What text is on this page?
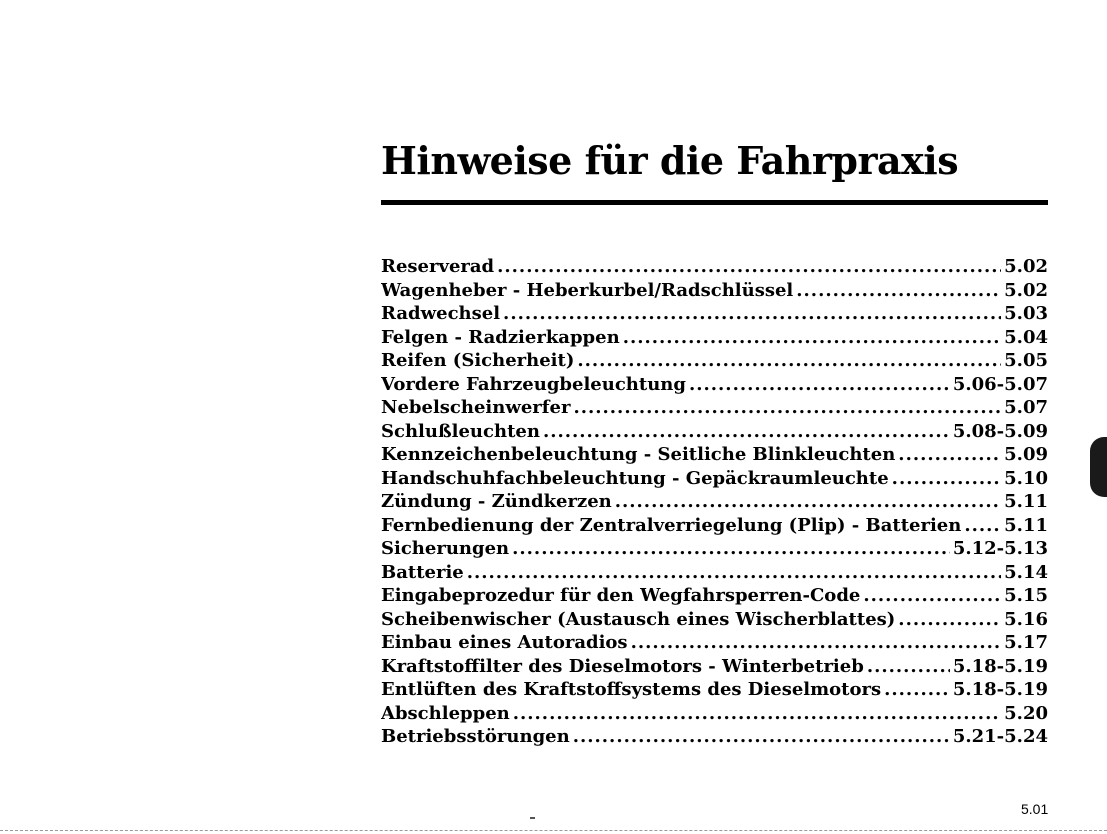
Hinweise für die Fahrpraxis
Reserverad .....	5.02
Wagenheber - Heberkurbel/Radschlüssel .....	5.02
Radwechsel .....	5.03
Felgen - Radzierkappen .....	5.04
Reifen (Sicherheit) .....	5.05
Vordere Fahrzeugbeleuchtung .....	5.06-5.07
Nebelscheinwerfer .....	5.07
Schlußleuchten .....	5.08-5.09
Kennzeichenbeleuchtung - Seitliche Blinkleuchten .....	5.09
Handschuhfachbeleuchtung - Gepäckraumleuchte .....	5.10
Zündung - Zündkerzen .....	5.11
Fernbedienung der Zentralverriegelung (Plip) - Batterien ..... 5.11
Sicherungen .....	5.12-5.13
Batterie .....	5.14
Eingabeprozedur für den Wegfahrsperren-Code .....	5.15
Scheibenwischer (Austausch eines Wischerblattes) .....	5.16
Einbau eines Autoradios .....	5.17
Kraftstoffilter des Dieselmotors - Winterbetrieb .....	5.18-5.19
Entlüften des Kraftstoffsystems des Dieselmotors .....	5.18-5.19
Abschleppen .....	5.20
Betriebsstörungen .....	5.21-5.24
5.01
